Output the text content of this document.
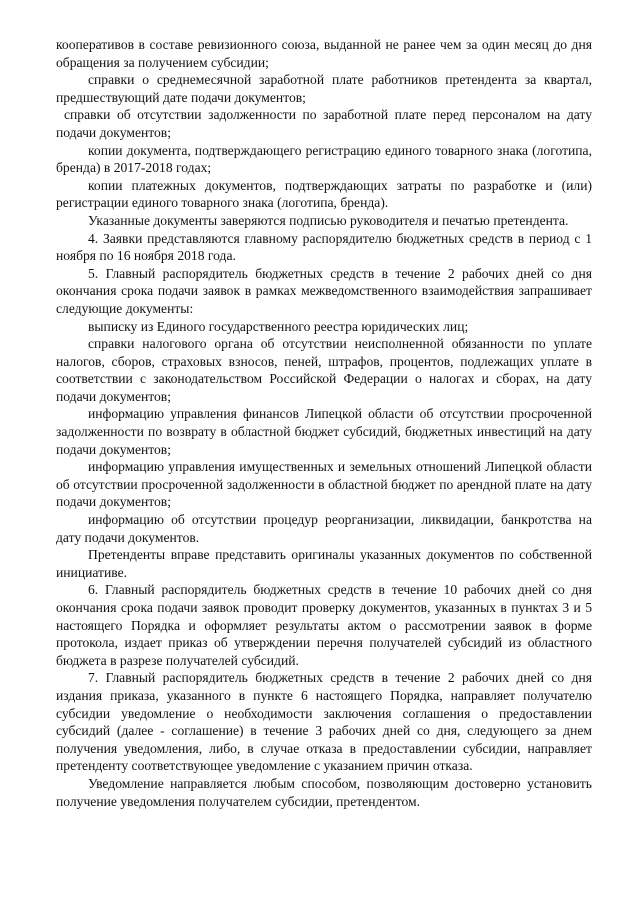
кооперативов в составе ревизионного союза, выданной не ранее чем за один месяц до дня обращения за получением субсидии;

справки о среднемесячной заработной плате работников претендента за квартал, предшествующий дате подачи документов;

справки об отсутствии задолженности по заработной плате перед персоналом на дату подачи документов;

копии документа, подтверждающего регистрацию единого товарного знака (логотипа, бренда) в 2017-2018 годах;

копии платежных документов, подтверждающих затраты по разработке и (или) регистрации единого товарного знака (логотипа, бренда).

Указанные документы заверяются подписью руководителя и печатью претендента.

4. Заявки представляются главному распорядителю бюджетных средств в период с 1 ноября по 16 ноября 2018 года.

5. Главный распорядитель бюджетных средств в течение 2 рабочих дней со дня окончания срока подачи заявок в рамках межведомственного взаимодействия запрашивает следующие документы:

выписку из Единого государственного реестра юридических лиц;

справки налогового органа об отсутствии неисполненной обязанности по уплате налогов, сборов, страховых взносов, пеней, штрафов, процентов, подлежащих уплате в соответствии с законодательством Российской Федерации о налогах и сборах, на дату подачи документов;

информацию управления финансов Липецкой области об отсутствии просроченной задолженности по возврату в областной бюджет субсидий, бюджетных инвестиций на дату подачи документов;

информацию управления имущественных и земельных отношений Липецкой области об отсутствии просроченной задолженности в областной бюджет по арендной плате на дату подачи документов;

информацию об отсутствии процедур реорганизации, ликвидации, банкротства на дату подачи документов.

Претенденты вправе представить оригиналы указанных документов по собственной инициативе.

6. Главный распорядитель бюджетных средств в течение 10 рабочих дней со дня окончания срока подачи заявок проводит проверку документов, указанных в пунктах 3 и 5 настоящего Порядка и оформляет результаты актом о рассмотрении заявок в форме протокола, издает приказ об утверждении перечня получателей субсидий из областного бюджета в разрезе получателей субсидий.

7. Главный распорядитель бюджетных средств в течение 2 рабочих дней со дня издания приказа, указанного в пункте 6 настоящего Порядка, направляет получателю субсидии уведомление о необходимости заключения соглашения о предоставлении субсидий (далее - соглашение) в течение 3 рабочих дней со дня, следующего за днем получения уведомления, либо, в случае отказа в предоставлении субсидии, направляет претенденту соответствующее уведомление с указанием причин отказа.

Уведомление направляется любым способом, позволяющим достоверно установить получение уведомления получателем субсидии, претендентом.
